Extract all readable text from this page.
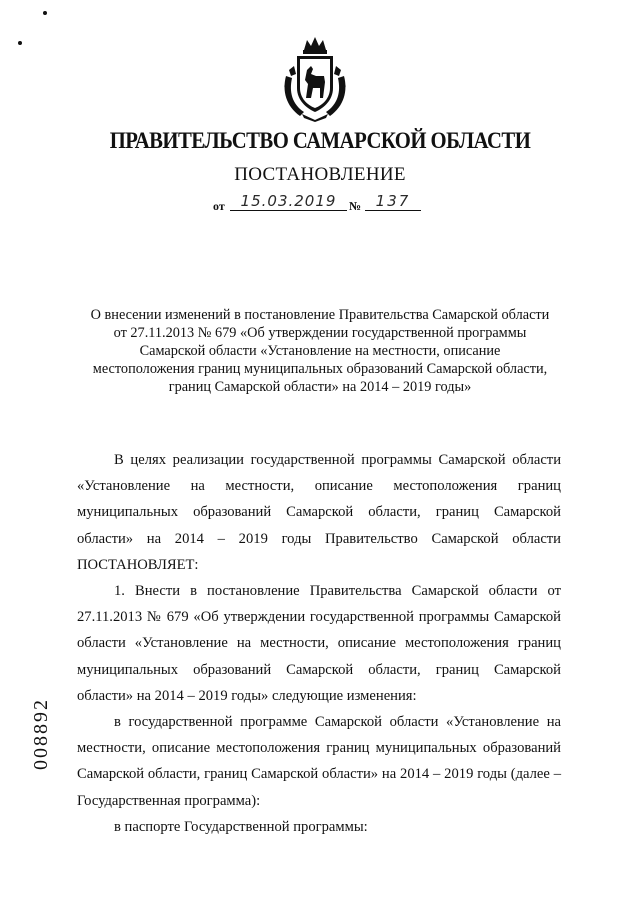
ПРАВИТЕЛЬСТВО САМАРСКОЙ ОБЛАСТИ
ПОСТАНОВЛЕНИЕ
от	15.03.2019	№ 137
О внесении изменений в постановление Правительства Самарской области
от 27.11.2013 № 679 «Об утверждении государственной программы
Самарской области «Установление на местности, описание
местоположения границ муниципальных образований Самарской области,
границ Самарской области» на 2014 – 2019 годы»

В целях реализации государственной программы Самарской области «Установление на местности, описание местоположения границ муниципальных образований Самарской области, границ Самарской области» на 2014 – 2019 годы Правительство Самарской области ПОСТАНОВЛЯЕТ:

1. Внести в постановление Правительства Самарской области от 27.11.2013 № 679 «Об утверждении государственной программы Самарской области «Установление на местности, описание местоположения границ муниципальных образований Самарской области, границ Самарской области» на 2014 – 2019 годы» следующие изменения:

в государственной программе Самарской области «Установление на местности, описание местоположения границ муниципальных образований Самарской области, границ Самарской области» на 2014 – 2019 годы (далее – Государственная программа):

в паспорте Государственной программы:

008892
